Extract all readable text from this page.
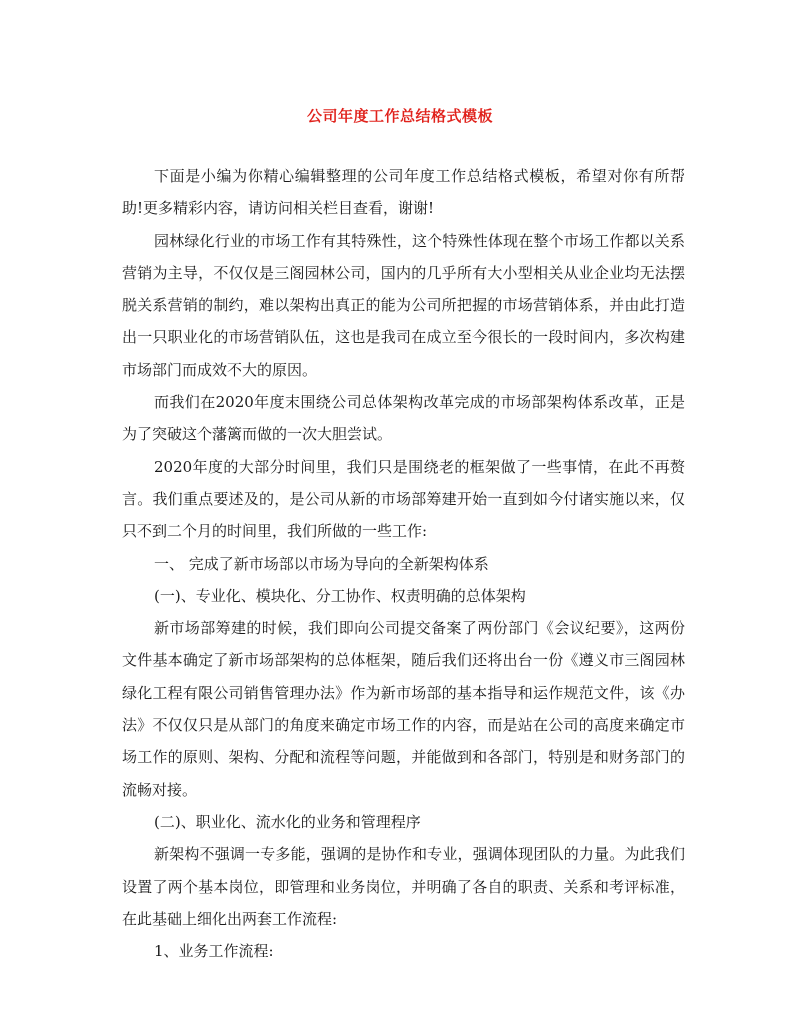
公司年度工作总结格式模板

下面是小编为你精心编辑整理的公司年度工作总结格式模板，希望对你有所帮助!更多精彩内容，请访问相关栏目查看，谢谢!

园林绿化行业的市场工作有其特殊性，这个特殊性体现在整个市场工作都以关系营销为主导，不仅仅是三阁园林公司，国内的几乎所有大小型相关从业企业均无法摆脱关系营销的制约，难以架构出真正的能为公司所把握的市场营销体系，并由此打造出一只职业化的市场营销队伍，这也是我司在成立至今很长的一段时间内，多次构建市场部门而成效不大的原因。

而我们在2020年度末围绕公司总体架构改革完成的市场部架构体系改革，正是为了突破这个藩篱而做的一次大胆尝试。

2020年度的大部分时间里，我们只是围绕老的框架做了一些事情，在此不再赘言。我们重点要述及的，是公司从新的市场部筹建开始一直到如今付诸实施以来，仅只不到二个月的时间里，我们所做的一些工作:

一、 完成了新市场部以市场为导向的全新架构体系

(一)、专业化、模块化、分工协作、权责明确的总体架构

新市场部筹建的时候，我们即向公司提交备案了两份部门《会议纪要》，这两份文件基本确定了新市场部架构的总体框架，随后我们还将出台一份《遵义市三阁园林绿化工程有限公司销售管理办法》作为新市场部的基本指导和运作规范文件，该《办法》不仅仅只是从部门的角度来确定市场工作的内容，而是站在公司的高度来确定市场工作的原则、架构、分配和流程等问题，并能做到和各部门，特别是和财务部门的流畅对接。

(二)、职业化、流水化的业务和管理程序

新架构不强调一专多能，强调的是协作和专业，强调体现团队的力量。为此我们设置了两个基本岗位，即管理和业务岗位，并明确了各自的职责、关系和考评标准，在此基础上细化出两套工作流程:

1、业务工作流程:
